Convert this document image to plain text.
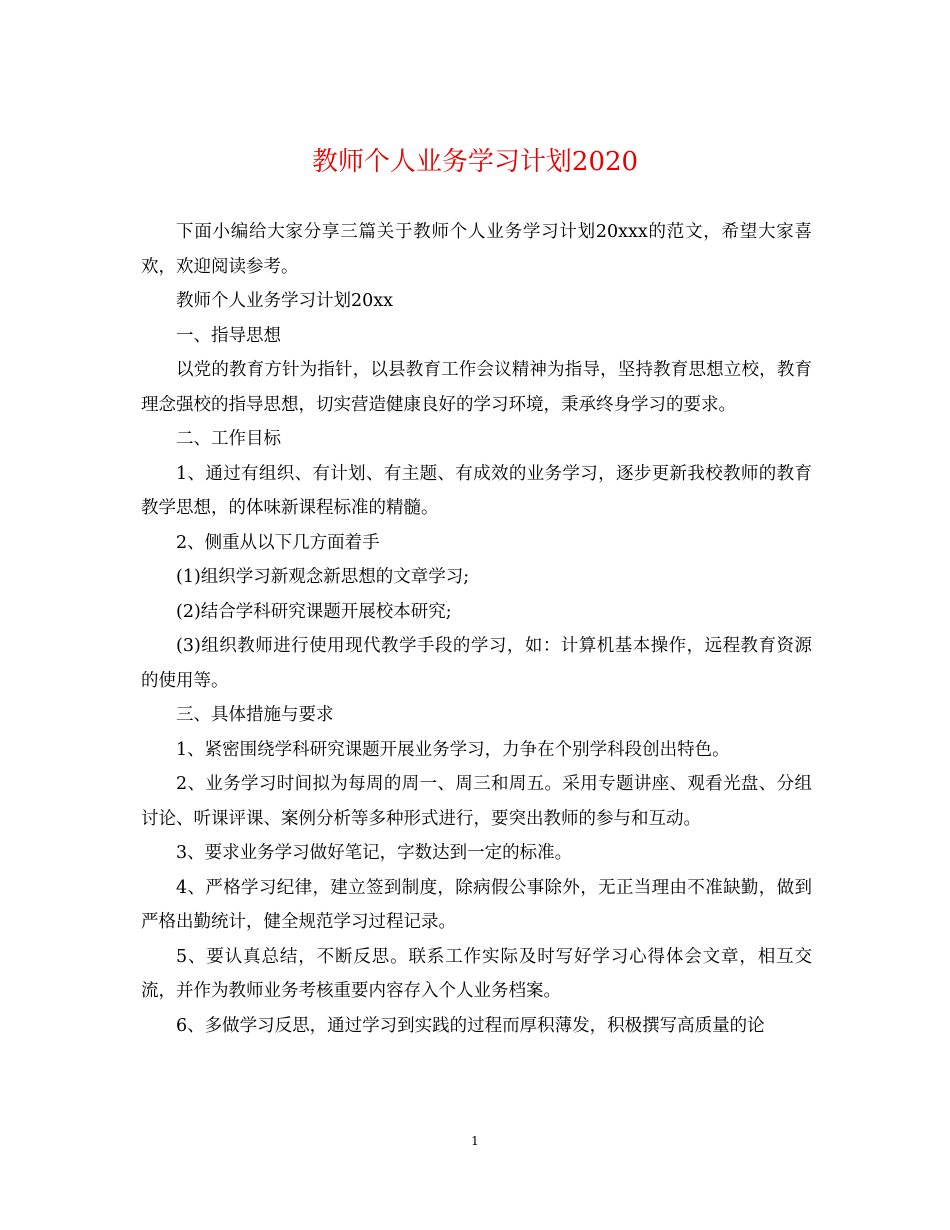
教师个人业务学习计划2020

下面小编给大家分享三篇关于教师个人业务学习计划20xxx的范文，希望大家喜欢，欢迎阅读参考。

教师个人业务学习计划20xx

一、指导思想

以党的教育方针为指针，以县教育工作会议精神为指导，坚持教育思想立校，教育理念强校的指导思想，切实营造健康良好的学习环境，秉承终身学习的要求。

二、工作目标

1、通过有组织、有计划、有主题、有成效的业务学习，逐步更新我校教师的教育教学思想，的体味新课程标准的精髓。

2、侧重从以下几方面着手

(1)组织学习新观念新思想的文章学习;

(2)结合学科研究课题开展校本研究;

(3)组织教师进行使用现代教学手段的学习，如：计算机基本操作，远程教育资源的使用等。

三、具体措施与要求

1、紧密围绕学科研究课题开展业务学习，力争在个别学科段创出特色。

2、业务学习时间拟为每周的周一、周三和周五。采用专题讲座、观看光盘、分组讨论、听课评课、案例分析等多种形式进行，要突出教师的参与和互动。

3、要求业务学习做好笔记，字数达到一定的标准。

4、严格学习纪律，建立签到制度，除病假公事除外，无正当理由不准缺勤，做到严格出勤统计，健全规范学习过程记录。

5、要认真总结，不断反思。联系工作实际及时写好学习心得体会文章，相互交流，并作为教师业务考核重要内容存入个人业务档案。

6、多做学习反思，通过学习到实践的过程而厚积薄发，积极撰写高质量的论

1
